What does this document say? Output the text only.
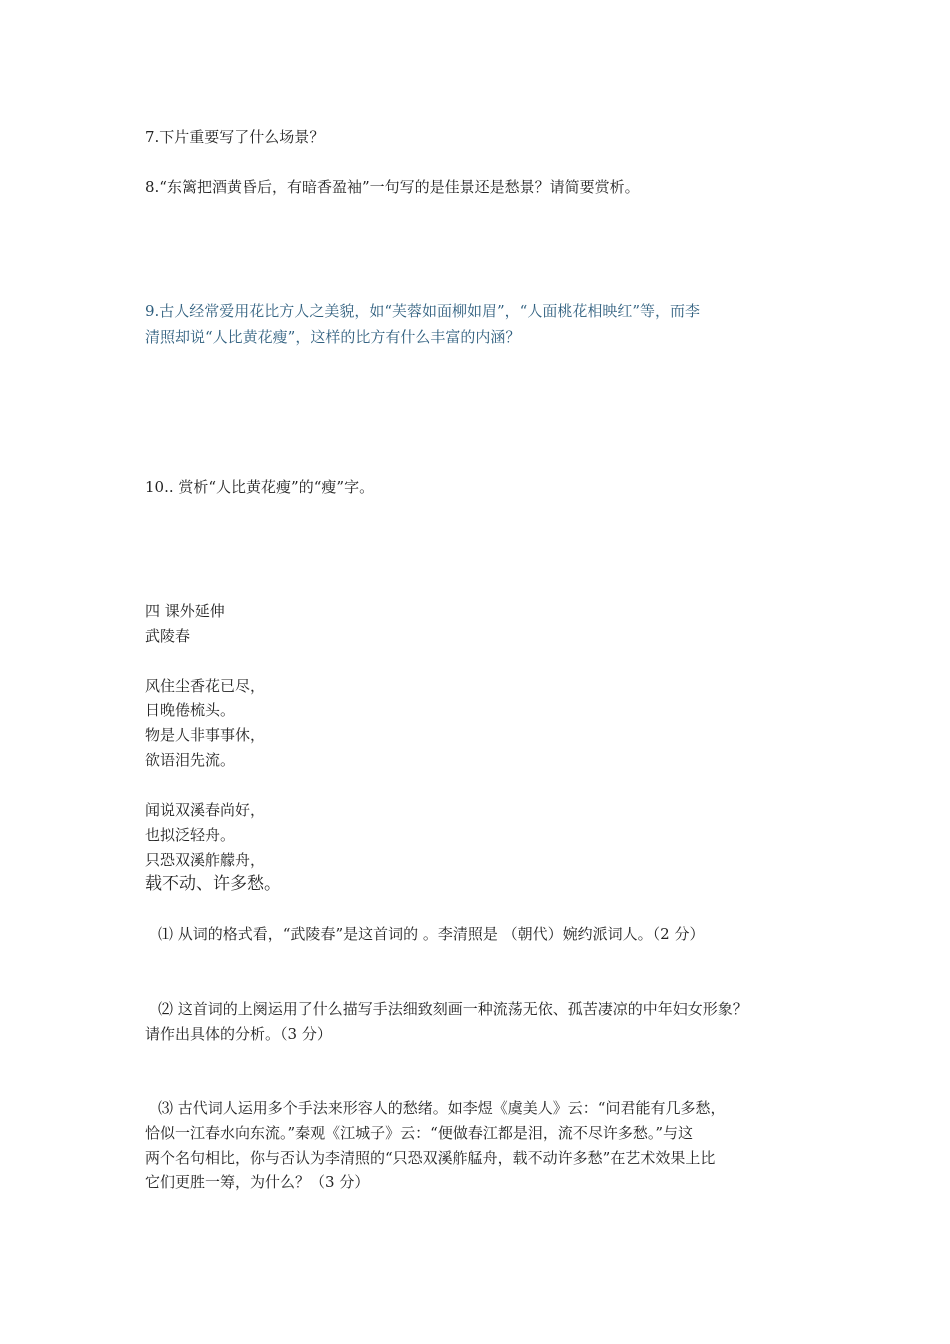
7.下片重要写了什么场景？
8.“东篱把酒黄昏后，有暗香盈袖”一句写的是佳景还是愁景？请简要赏析。
9.古人经常爱用花比方人之美貌，如“芙蓉如面柳如眉”，“人面桃花相映红”等，而李
清照却说“人比黄花瘦”，这样的比方有什么丰富的内涵？
10.. 赏析“人比黄花瘦”的“瘦”字。
四 课外延伸
武陵春
风住尘香花已尽，
日晚倦梳头。
物是人非事事休，
欲语泪先流。
闻说双溪春尚好，
也拟泛轻舟。
只恐双溪舴艨舟，
载不动、许多愁。
⑴ 从词的格式看，“武陵春”是这首词的 。李清照是 （朝代）婉约派词人。（2 分）
⑵ 这首词的上阕运用了什么描写手法细致刻画一种流荡无依、孤苦凄凉的中年妇女形象？
请作出具体的分析。（3 分）
⑶ 古代词人运用多个手法来形容人的愁绪。如李煜《虞美人》云：“问君能有几多愁，
恰似一江春水向东流。”秦观《江城子》云：“便做春江都是泪，流不尽许多愁。”与这
两个名句相比，你与否认为李清照的“只恐双溪舴艋舟，载不动许多愁”在艺术效果上比
它们更胜一筹，为什么？（3 分）
